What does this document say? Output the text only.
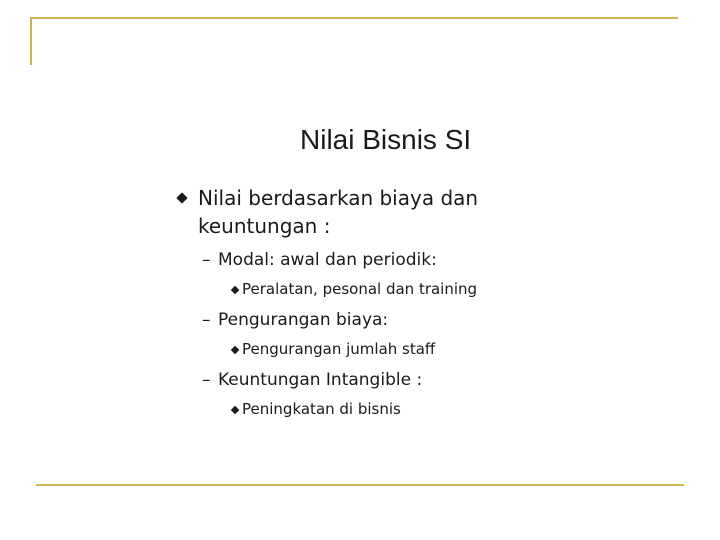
Nilai Bisnis SI
Nilai berdasarkan biaya dan keuntungan :
– Modal: awal dan periodik:
Peralatan, pesonal dan training
– Pengurangan biaya:
Pengurangan jumlah staff
– Keuntungan Intangible :
Peningkatan di bisnis
